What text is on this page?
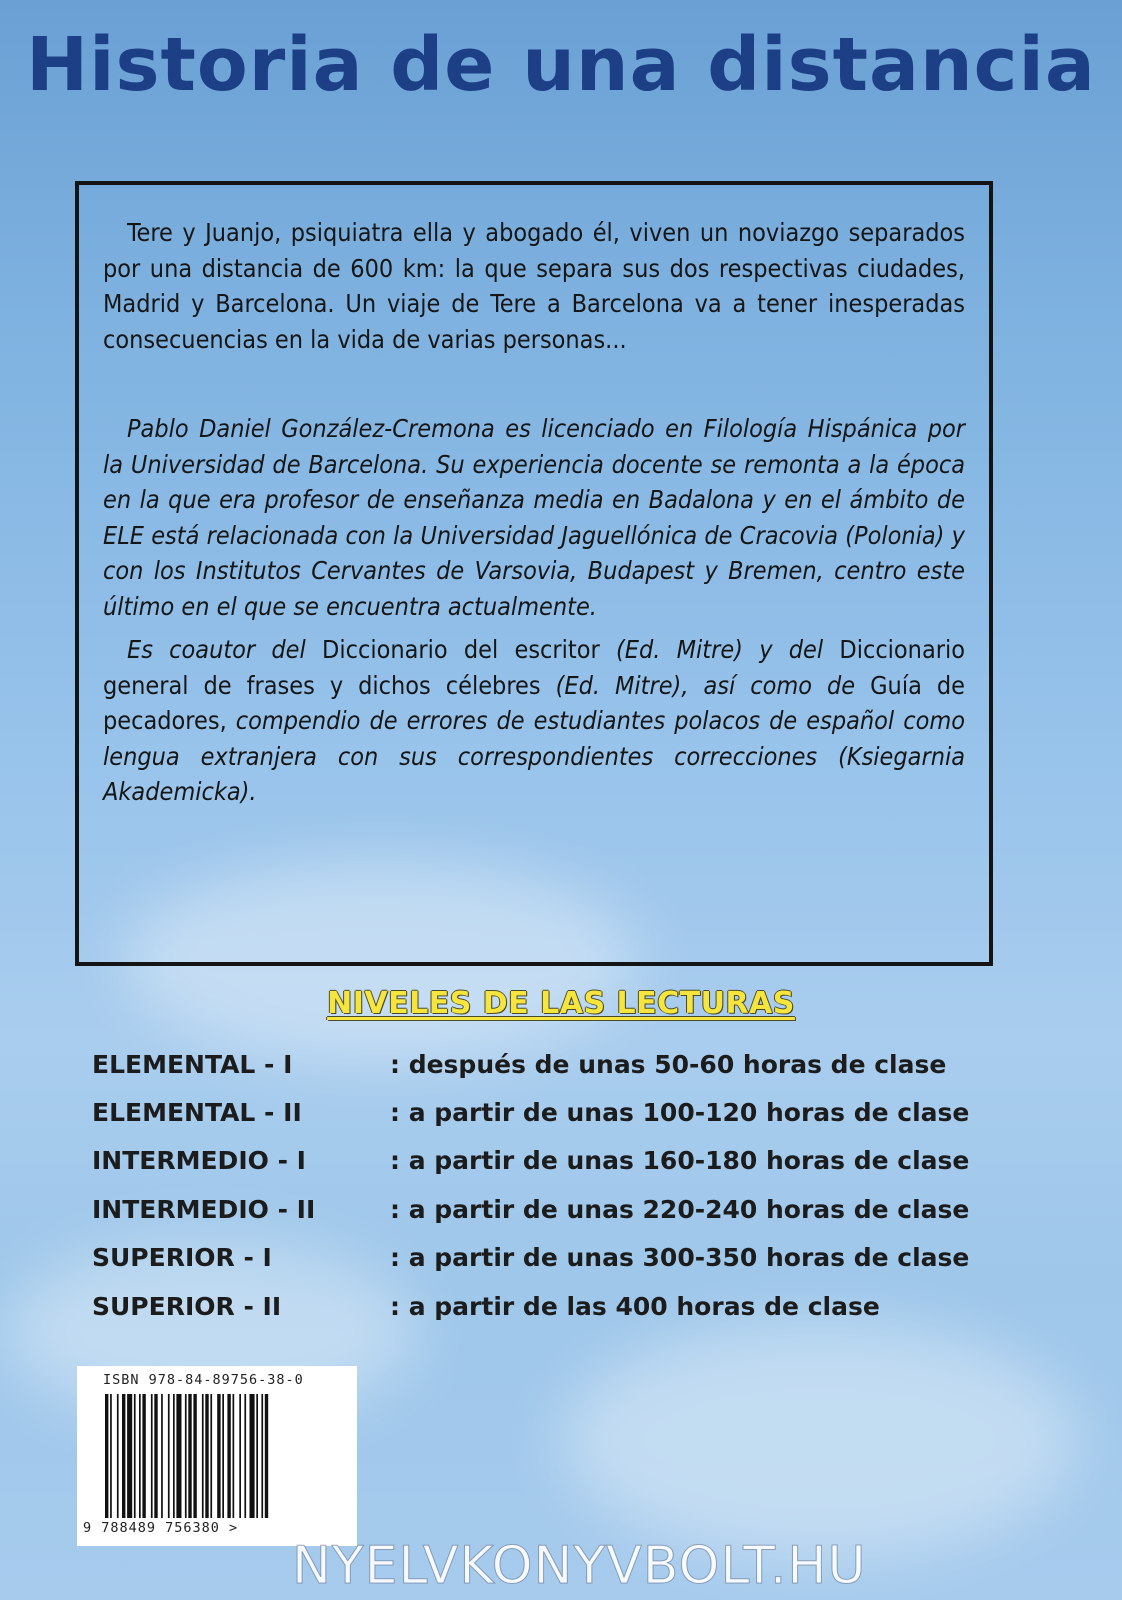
Historia de una distancia

Tere y Juanjo, psiquiatra ella y abogado él, viven un noviazgo separados por una distancia de 600 km: la que separa sus dos respectivas ciudades, Madrid y Barcelona. Un viaje de Tere a Barcelona va a tener inesperadas consecuencias en la vida de varias personas...

Pablo Daniel González-Cremona es licenciado en Filología Hispánica por la Universidad de Barcelona. Su experiencia docente se remonta a la época en la que era profesor de enseñanza media en Badalona y en el ámbito de ELE está relacionada con la Universidad Jaguellónica de Cracovia (Polonia) y con los Institutos Cervantes de Varsovia, Budapest y Bremen, centro este último en el que se encuentra actualmente.

Es coautor del Diccionario del escritor (Ed. Mitre) y del Diccionario general de frases y dichos célebres (Ed. Mitre), así como de Guía de pecadores, compendio de errores de estudiantes polacos de español como lengua extranjera con sus correspondientes correcciones (Ksiegarnia Akademicka).

NIVELES DE LAS LECTURAS
ELEMENTAL - I	: después de unas 50-60 horas de clase
ELEMENTAL - II	: a partir de unas 100-120 horas de clase
INTERMEDIO - I	: a partir de unas 160-180 horas de clase
INTERMEDIO - II	: a partir de unas 220-240 horas de clase
SUPERIOR - I	: a partir de unas 300-350 horas de clase
SUPERIOR - II	: a partir de las 400 horas de clase
ISBN 978-84-89756-38-0
9 788489 756380 >
NYELVKONYVBOLT.HU
